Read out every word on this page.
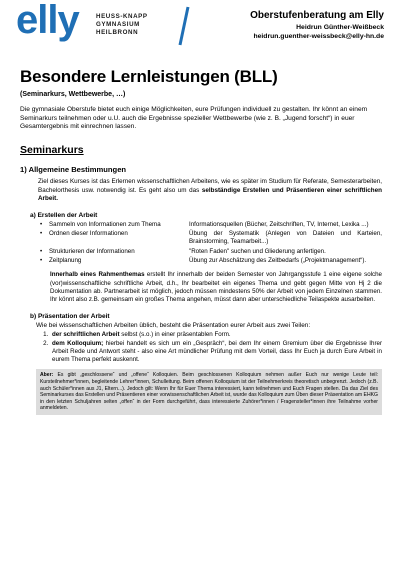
elly	HEUSS-KNAPP
GYMNASIUM
HEILBRONN
Oberstufenberatung am Elly
Heidrun Günther-Weißbeck
heidrun.guenther-weissbeck@elly-hn.de
Besondere Lernleistungen (BLL)
(Seminarkurs, Wettbewerbe, …)

Die gymnasiale Oberstufe bietet euch einige Möglichkeiten, eure Prüfungen individuell zu gestalten. Ihr könnt an einem Seminarkurs teilnehmen oder u.U. auch die Ergebnisse spezieller Wettbewerbe (wie z. B. „Jugend forscht“) in euer Gesamtergebnis mit einrechnen lassen.

Seminarkurs
1) Allgemeine Bestimmungen

Ziel dieses Kurses ist das Erlernen wissenschaftlichen Arbeitens, wie es später im Studium für Referate, Semesterarbeiten, Bachelorthesis usw. notwendig ist. Es geht also um das selbständige Erstellen und Präsentieren einer schriftlichen Arbeit.

a) Erstellen der Arbeit
•	Sammeln von Informationen zum Thema	Informationsquellen (Bücher, Zeitschriften, TV, Internet, Lexika ...)
•	Ordnen dieser Informationen	Übung der Systematik (Anlegen von Dateien und Karteien, Brainstorming, Teamarbeit...)
•	Strukturieren der Informationen	"Roten Faden" suchen und Gliederung anfertigen.
•	Zeitplanung	Übung zur Abschätzung des Zeitbedarfs („Projektmanagement“).

Innerhalb eines Rahmenthemas erstellt Ihr innerhalb der beiden Semester von Jahrgangsstufe 1 eine eigene solche (vor)wissenschaftliche schriftliche Arbeit, d.h., Ihr bearbeitet ein eigenes Thema und gebt gegen Mitte von Hj 2 die Dokumentation ab. Partnerarbeit ist möglich, jedoch müssen mindestens 50% der Arbeit von jedem Einzelnen stammen. Ihr könnt also z.B. gemeinsam ein großes Thema angehen, müsst dann aber unterschiedliche Teilaspekte ausarbeiten.

b) Präsentation der Arbeit

Wie bei wissenschaftlichen Arbeiten üblich, besteht die Präsentation eurer Arbeit aus zwei Teilen:

1. der schriftlichen Arbeit selbst (s.o.) in einer präsentablen Form.
2. dem Kolloquium; hierbei handelt es sich um ein „Gespräch“, bei dem Ihr einem Gremium über die Ergebnisse Ihrer Arbeit Rede und Antwort steht - also eine Art mündlicher Prüfung mit dem Vorteil, dass Ihr Euch ja durch Eure Arbeit in eurem Thema perfekt auskennt.
Aber: Es gibt „geschlossene“ und „offene“ Kolloquien. Beim geschlossenen Kolloquium nehmen außer Euch nur wenige Leute teil: Kursteilnehmer*innen, begleitende Lehrer*innen, Schulleitung. Beim offenen Kolloquium ist der Teilnehmerkreis theoretisch unbegrenzt. Jedoch (z.B. auch Schüler*innen aus J1, Eltern...). Jedoch gilt: Wenn Ihr für Euer Thema interessiert, kann teilnehmen und Euch Fragen stellen. Da das Ziel des Seminarkurses das Erstellen und Präsentieren einer vorwissenschaftlichen Arbeit ist, wurde das Kolloquium zum Üben dieser Präsentation am EHKG in den letzten Schuljahren selten „offen“ in der Form durchgeführt, dass interessierte Zuhörer*innen / Fragensteller*innen ihre Teilnahme vorher anmeldeten.
